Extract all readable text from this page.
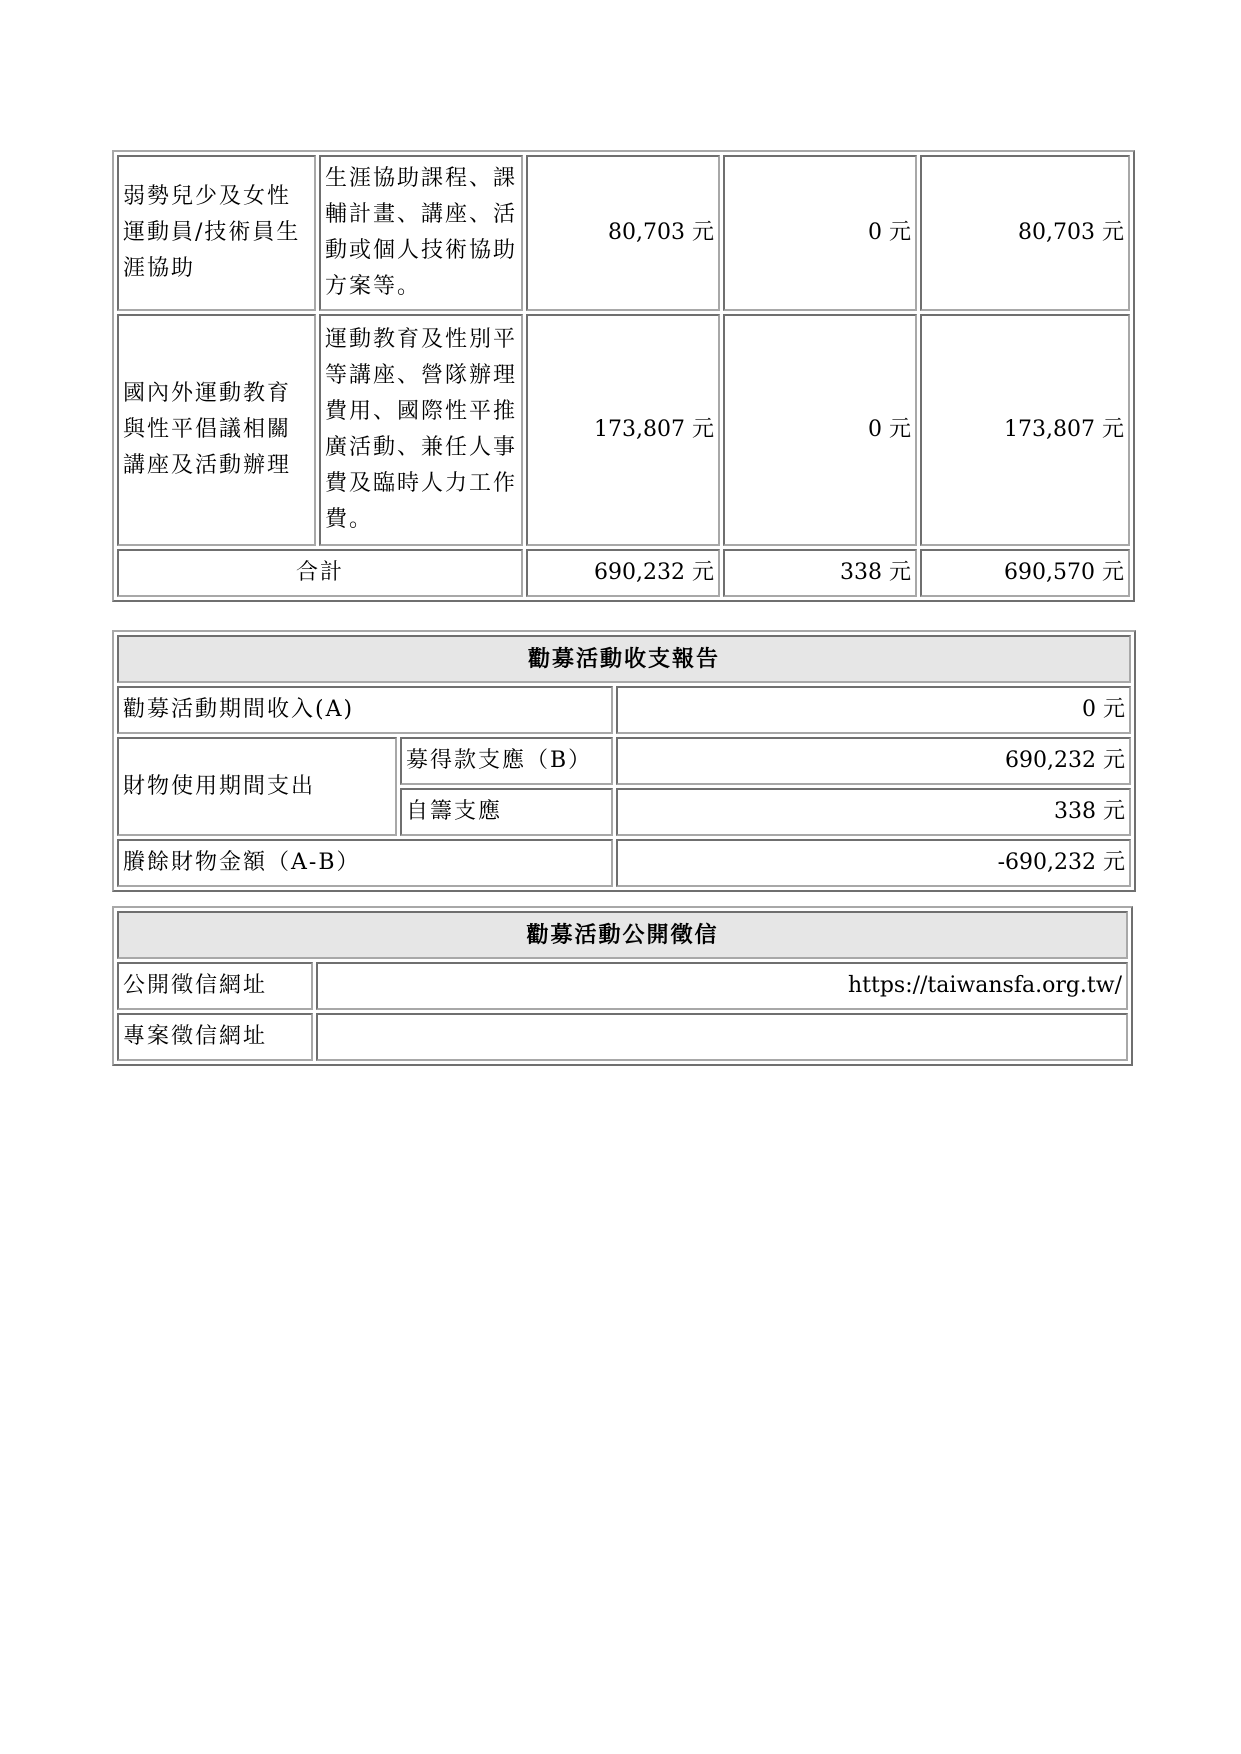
弱勢兒少及女性運動員/技術員生涯協助	生涯協助課程、課輔計畫、講座、活動或個人技術協助方案等。	80,703 元	0 元	80,703 元
國內外運動教育與性平倡議相關講座及活動辦理	運動教育及性別平等講座、營隊辦理費用、國際性平推廣活動、兼任人事費及臨時人力工作費。	173,807 元	0 元	173,807 元
合計		690,232 元	338 元	690,570 元
勸募活動收支報告		
勸募活動期間收入(A)		0 元
財物使用期間支出	募得款支應（B）	690,232 元
	自籌支應	338 元
賸餘財物金額（A-B）		-690,232 元
勸募活動公開徵信	
公開徵信網址	https://taiwansfa.org.tw/
專案徵信網址	
